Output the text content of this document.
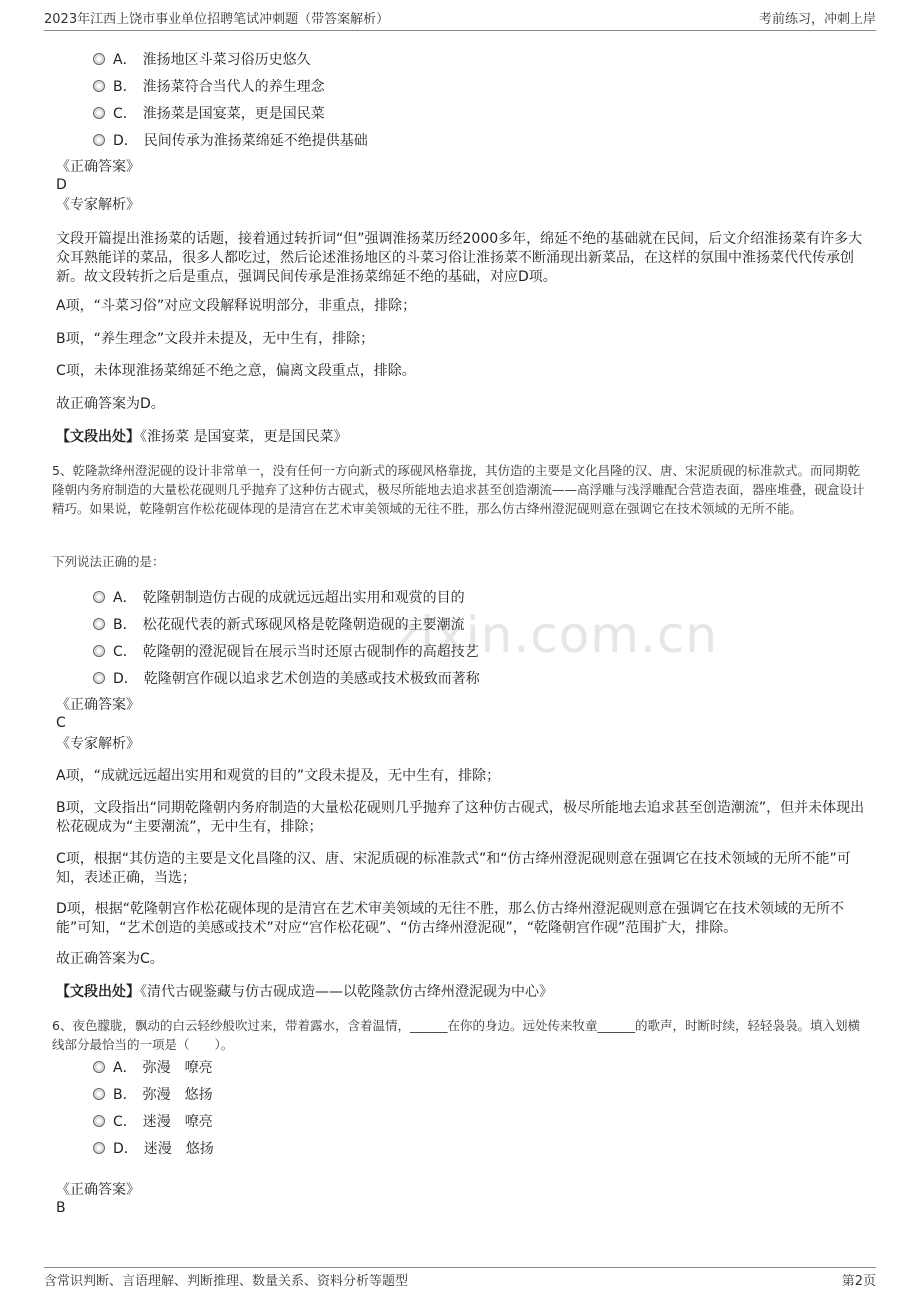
2023年江西上饶市事业单位招聘笔试冲刺题（带答案解析）	考前练习，冲刺上岸
zixin.com.cn
A． 淮扬地区斗菜习俗历史悠久
B． 淮扬菜符合当代人的养生理念
C． 淮扬菜是国宴菜，更是国民菜
D． 民间传承为淮扬菜绵延不绝提供基础
《正确答案》
D
《专家解析》
文段开篇提出淮扬菜的话题，接着通过转折词“但”强调淮扬菜历经2000多年，绵延不绝的基础就在民间，后文介绍淮扬菜有许多大众耳熟能详的菜品，很多人都吃过，然后论述淮扬地区的斗菜习俗让淮扬菜不断涌现出新菜品，在这样的氛围中淮扬菜代代传承创新。故文段转折之后是重点，强调民间传承是淮扬菜绵延不绝的基础，对应D项。
A项，“斗菜习俗”对应文段解释说明部分，非重点，排除；
B项，“养生理念”文段并未提及，无中生有，排除；
C项，未体现淮扬菜绵延不绝之意，偏离文段重点，排除。
故正确答案为D。
【文段出处】《淮扬菜 是国宴菜，更是国民菜》
5、乾隆款绛州澄泥砚的设计非常单一，没有任何一方向新式的琢砚风格靠拢，其仿造的主要是文化昌隆的汉、唐、宋泥质砚的标准款式。而同期乾隆朝内务府制造的大量松花砚则几乎抛弃了这种仿古砚式，极尽所能地去追求甚至创造潮流——高浮雕与浅浮雕配合营造表面，器座堆叠，砚盒设计精巧。如果说，乾隆朝宫作松花砚体现的是清宫在艺术审美领域的无往不胜，那么仿古绛州澄泥砚则意在强调它在技术领域的无所不能。
下列说法正确的是：
A． 乾隆朝制造仿古砚的成就远远超出实用和观赏的目的
B． 松花砚代表的新式琢砚风格是乾隆朝造砚的主要潮流
C． 乾隆朝的澄泥砚旨在展示当时还原古砚制作的高超技艺
D． 乾隆朝宫作砚以追求艺术创造的美感或技术极致而著称
《正确答案》
C
《专家解析》
A项，“成就远远超出实用和观赏的目的”文段未提及，无中生有，排除；
B项，文段指出“同期乾隆朝内务府制造的大量松花砚则几乎抛弃了这种仿古砚式，极尽所能地去追求甚至创造潮流”，但并未体现出松花砚成为“主要潮流”，无中生有，排除；
C项，根据“其仿造的主要是文化昌隆的汉、唐、宋泥质砚的标准款式”和“仿古绛州澄泥砚则意在强调它在技术领域的无所不能”可知，表述正确，当选；
D项，根据“乾隆朝宫作松花砚体现的是清宫在艺术审美领域的无往不胜，那么仿古绛州澄泥砚则意在强调它在技术领域的无所不能”可知，“艺术创造的美感或技术”对应“宫作松花砚”、“仿古绛州澄泥砚”，“乾隆朝宫作砚”范围扩大，排除。
故正确答案为C。
【文段出处】《清代古砚鉴藏与仿古砚成造——以乾隆款仿古绛州澄泥砚为中心》
6、夜色朦胧，飘动的白云轻纱般吹过来，带着露水，含着温情，______在你的身边。远处传来牧童______的歌声，时断时续，轻轻袅袅。填入划横线部分最恰当的一项是（　　）。
A． 弥漫　嘹亮
B． 弥漫　悠扬
C． 迷漫　嘹亮
D． 迷漫　悠扬
《正确答案》
B
含常识判断、言语理解、判断推理、数量关系、资料分析等题型	第2页
